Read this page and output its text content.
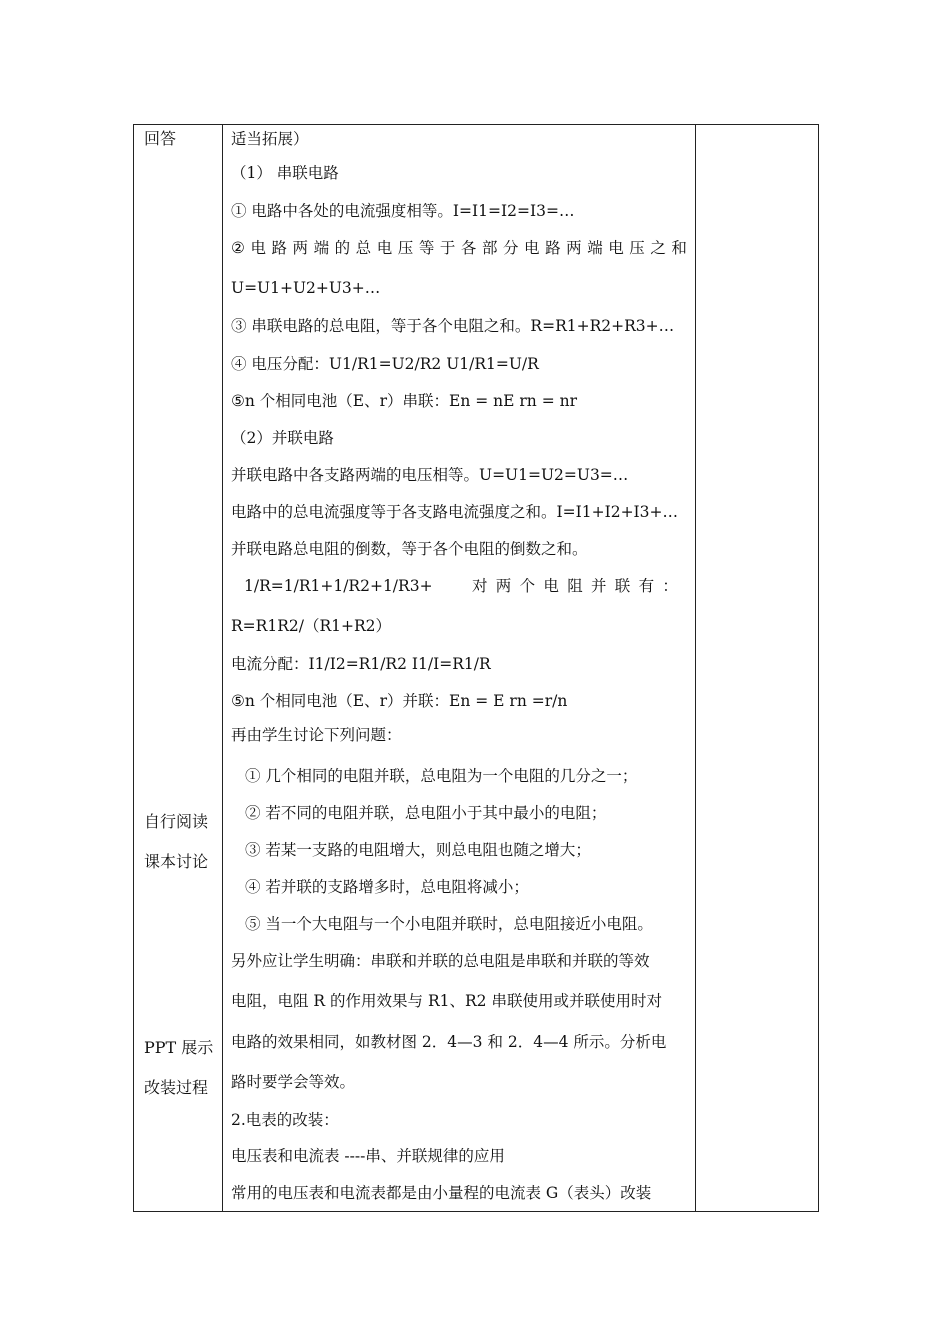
回答
自行阅读
课本讨论
PPT 展示
改装过程
适当拓展）
（1） 串联电路
① 电路中各处的电流强度相等。I=I1=I2=I3=…
② 电 路 两 端 的 总 电 压 等 于 各 部 分 电 路 两 端 电 压 之 和
U=U1+U2+U3+…
③ 串联电路的总电阻，等于各个电阻之和。R=R1+R2+R3+…
④ 电压分配：U1/R1=U2/R2 U1/R1=U/R
⑤n 个相同电池（E、r）串联：En = nE rn = nr
（2）并联电路
并联电路中各支路两端的电压相等。U=U1=U2=U3=…
电路中的总电流强度等于各支路电流强度之和。I=I1+I2+I3+…
并联电路总电阻的倒数，等于各个电阻的倒数之和。
1/R=1/R1+1/R2+1/R3+	对 两 个 电 阻 并 联 有 ：
R=R1R2/（R1+R2）
电流分配：I1/I2=R1/R2 I1/I=R1/R
⑤n 个相同电池（E、r）并联：En = E rn =r/n
再由学生讨论下列问题：
① 几个相同的电阻并联，总电阻为一个电阻的几分之一；
② 若不同的电阻并联，总电阻小于其中最小的电阻；
③ 若某一支路的电阻增大，则总电阻也随之增大；
④ 若并联的支路增多时，总电阻将减小；
⑤ 当一个大电阻与一个小电阻并联时，总电阻接近小电阻。
另外应让学生明确：串联和并联的总电阻是串联和并联的等效
电阻，电阻 R 的作用效果与 R1、R2 串联使用或并联使用时对
电路的效果相同，如教材图 2．4—3 和 2．4—4 所示。分析电
路时要学会等效。
2.电表的改装：
电压表和电流表 ----串、并联规律的应用
常用的电压表和电流表都是由小量程的电流表 G（表头）改装
